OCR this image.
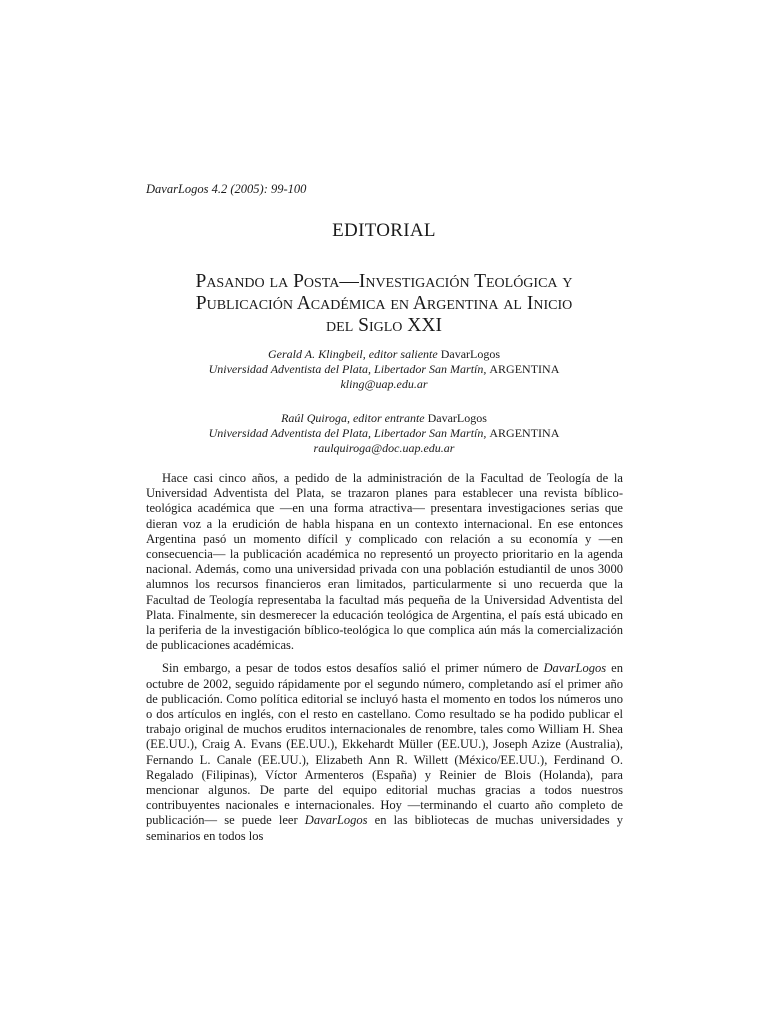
DavarLogos 4.2 (2005): 99-100
EDITORIAL
Pasando la Posta—Investigación Teológica y
Publicación Académica en Argentina al Inicio
del Siglo XXI
Gerald A. Klingbeil, editor saliente DavarLogos
Universidad Adventista del Plata, Libertador San Martín, ARGENTINA
kling@uap.edu.ar
Raúl Quiroga, editor entrante DavarLogos
Universidad Adventista del Plata, Libertador San Martín, ARGENTINA
raulquiroga@doc.uap.edu.ar

Hace casi cinco años, a pedido de la administración de la Facultad de Teología de la Universidad Adventista del Plata, se trazaron planes para establecer una revista bíblico-teológica académica que —en una forma atractiva— presentara investigaciones serias que dieran voz a la erudición de habla hispana en un contexto internacional. En ese entonces Argentina pasó un momento difícil y complicado con relación a su economía y —en consecuencia— la publicación académica no representó un proyecto prioritario en la agenda nacional. Además, como una universidad privada con una población estudiantil de unos 3000 alumnos los recursos financieros eran limitados, particularmente si uno recuerda que la Facultad de Teología representaba la facultad más pequeña de la Universidad Adventista del Plata. Finalmente, sin desmerecer la educación teológica de Argentina, el país está ubicado en la periferia de la investigación bíblico-teológica lo que complica aún más la comercialización de publicaciones académicas.

Sin embargo, a pesar de todos estos desafíos salió el primer número de DavarLogos en octubre de 2002, seguido rápidamente por el segundo número, completando así el primer año de publicación. Como política editorial se incluyó hasta el momento en todos los números uno o dos artículos en inglés, con el resto en castellano. Como resultado se ha podido publicar el trabajo original de muchos eruditos internacionales de renombre, tales como William H. Shea (EE.UU.), Craig A. Evans (EE.UU.), Ekkehardt Müller (EE.UU.), Joseph Azize (Australia), Fernando L. Canale (EE.UU.), Elizabeth Ann R. Willett (México/EE.UU.), Ferdinand O. Regalado (Filipinas), Víctor Armenteros (España) y Reinier de Blois (Holanda), para mencionar algunos. De parte del equipo editorial muchas gracias a todos nuestros contribuyentes nacionales e internacionales. Hoy —terminando el cuarto año completo de publicación— se puede leer DavarLogos en las bibliotecas de muchas universidades y seminarios en todos los
